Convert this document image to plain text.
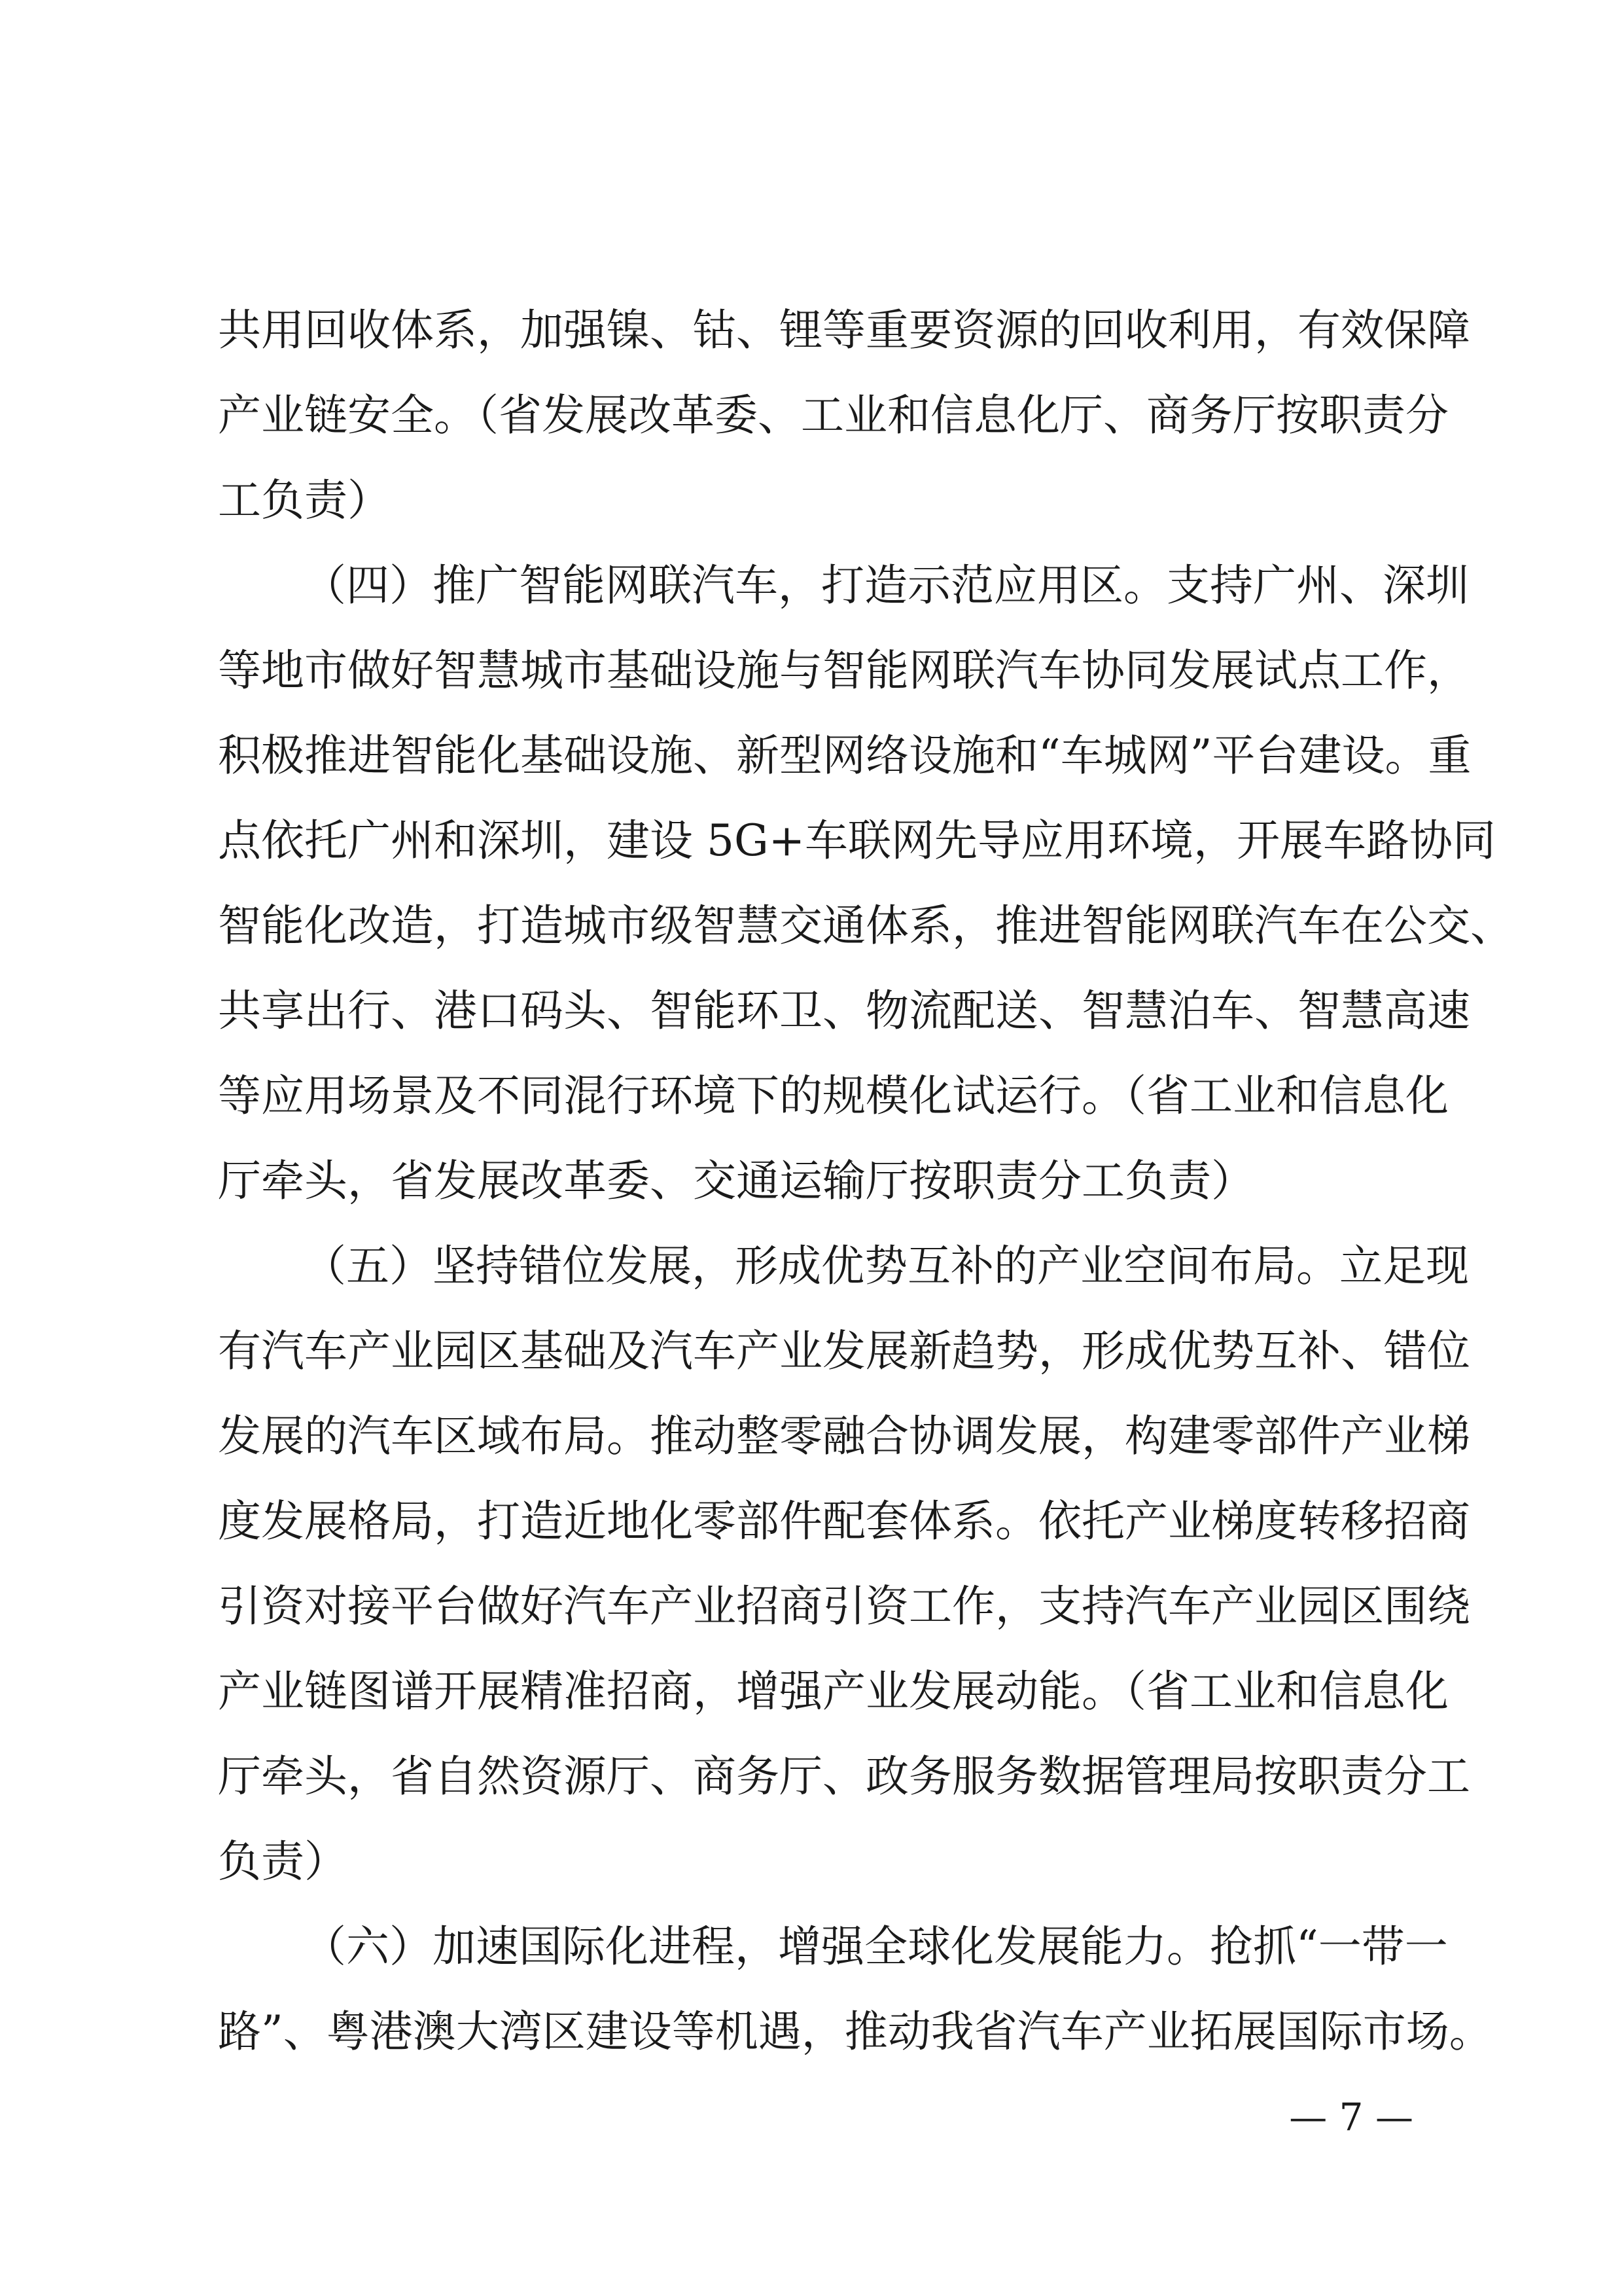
共用回收体系，加强镍、钴、锂等重要资源的回收利用，有效保障
产业链安全。（省发展改革委、工业和信息化厅、商务厅按职责分
工负责）
（四）推广智能网联汽车，打造示范应用区。支持广州、深圳
等地市做好智慧城市基础设施与智能网联汽车协同发展试点工作，
积极推进智能化基础设施、新型网络设施和“车城网”平台建设。重
点依托广州和深圳，建设 5G+车联网先导应用环境，开展车路协同
智能化改造，打造城市级智慧交通体系，推进智能网联汽车在公交、
共享出行、港口码头、智能环卫、物流配送、智慧泊车、智慧高速
等应用场景及不同混行环境下的规模化试运行。（省工业和信息化
厅牵头，省发展改革委、交通运输厅按职责分工负责）
（五）坚持错位发展，形成优势互补的产业空间布局。立足现
有汽车产业园区基础及汽车产业发展新趋势，形成优势互补、错位
发展的汽车区域布局。推动整零融合协调发展，构建零部件产业梯
度发展格局，打造近地化零部件配套体系。依托产业梯度转移招商
引资对接平台做好汽车产业招商引资工作，支持汽车产业园区围绕
产业链图谱开展精准招商，增强产业发展动能。（省工业和信息化
厅牵头，省自然资源厅、商务厅、政务服务数据管理局按职责分工
负责）
（六）加速国际化进程，增强全球化发展能力。抢抓“一带一
路”、粤港澳大湾区建设等机遇，推动我省汽车产业拓展国际市场。
— 7 —
